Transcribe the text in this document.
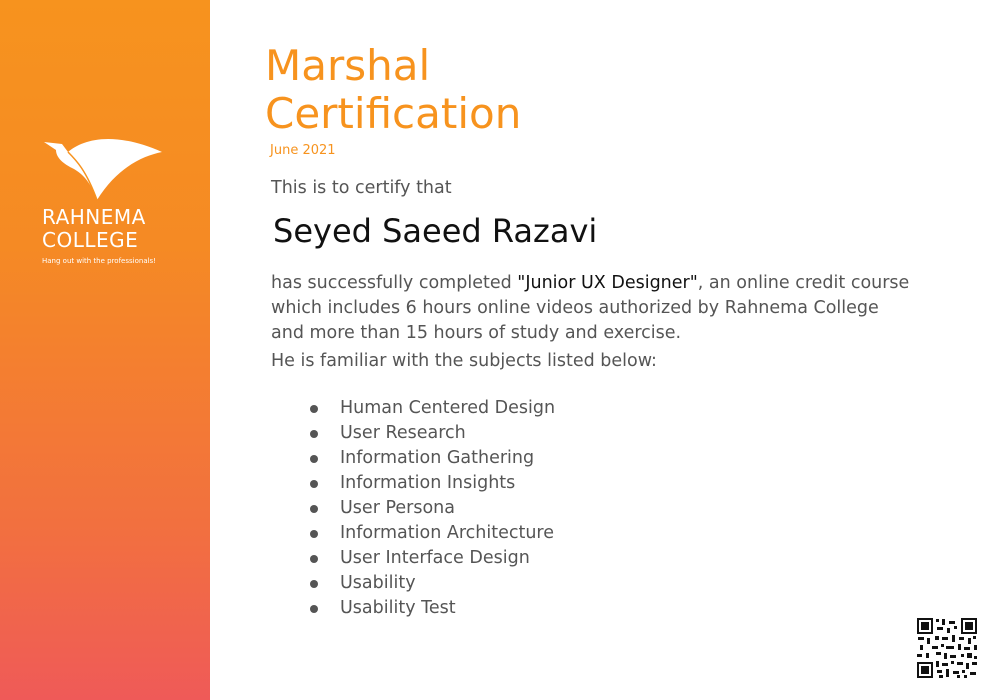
RAHNEMA
COLLEGE
Hang out with the professionals!
Marshal
Certification
June 2021
This is to certify that
Seyed Saeed Razavi
has successfully completed "Junior UX Designer", an online credit course
which includes 6 hours online videos authorized by Rahnema College
and more than 15 hours of study and exercise.
He is familiar with the subjects listed below:
Human Centered Design
User Research
Information Gathering
Information Insights
User Persona
Information Architecture
User Interface Design
Usability
Usability Test
